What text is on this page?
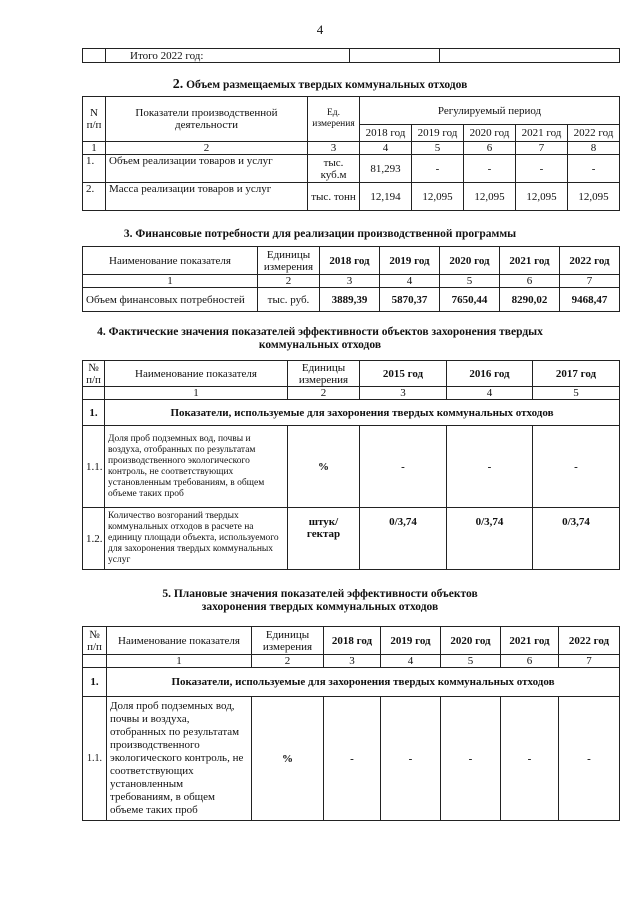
4
	Итого 2022 год:		
2. Объем размещаемых твердых коммунальных отходов
N п/п	Показатели производственной деятельности	Ед. измерения	Регулируемый период				
			2018 год	2019 год	2020 год	2021 год	2022 год
1	2	3	4	5	6	7	8
1.	Объем реализации товаров и услуг	тыс. куб.м	81,293	-	-	-	-
2.	Масса реализации товаров и услуг	тыс. тонн	12,194	12,095	12,095	12,095	12,095
3. Финансовые потребности для реализации производственной программы
Наименование показателя	Единицы измерения	2018 год	2019 год	2020 год	2021 год	2022 год
1	2	3	4	5	6	7
Объем финансовых потребностей	тыс. руб.	3889,39	5870,37	7650,44	8290,02	9468,47
4. Фактические значения показателей эффективности объектов захоронения твердых
коммунальных отходов
№ п/п	Наименование показателя	Единицы измерения	2015 год	2016 год	2017 год
	1	2	3	4	5
1.	Показатели, используемые для захоронения твердых коммунальных отходов				
1.1.	Доля проб подземных вод, почвы и воздуха, отобранных по результатам производственного экологического контроль, не соответствующих установленным требованиям, в общем объеме таких проб	%	-	-	-
1.2.	Количество возгораний твердых коммунальных отходов в расчете на единицу площади объекта, используемого для захоронения твердых коммунальных услуг	штук/ гектар	0/3,74	0/3,74	0/3,74
5. Плановые значения показателей эффективности объектов
захоронения твердых коммунальных отходов
№ п/п	Наименование показателя	Единицы измерения	2018 год	2019 год	2020 год	2021 год	2022 год
	1	2	3	4	5	6	7
1.	Показатели, используемые для захоронения твердых коммунальных отходов						
1.1.	Доля проб подземных вод, почвы и воздуха, отобранных по результатам производственного экологического контроль, не соответствующих установленным требованиям, в общем объеме таких проб	%	-	-	-	-	-
